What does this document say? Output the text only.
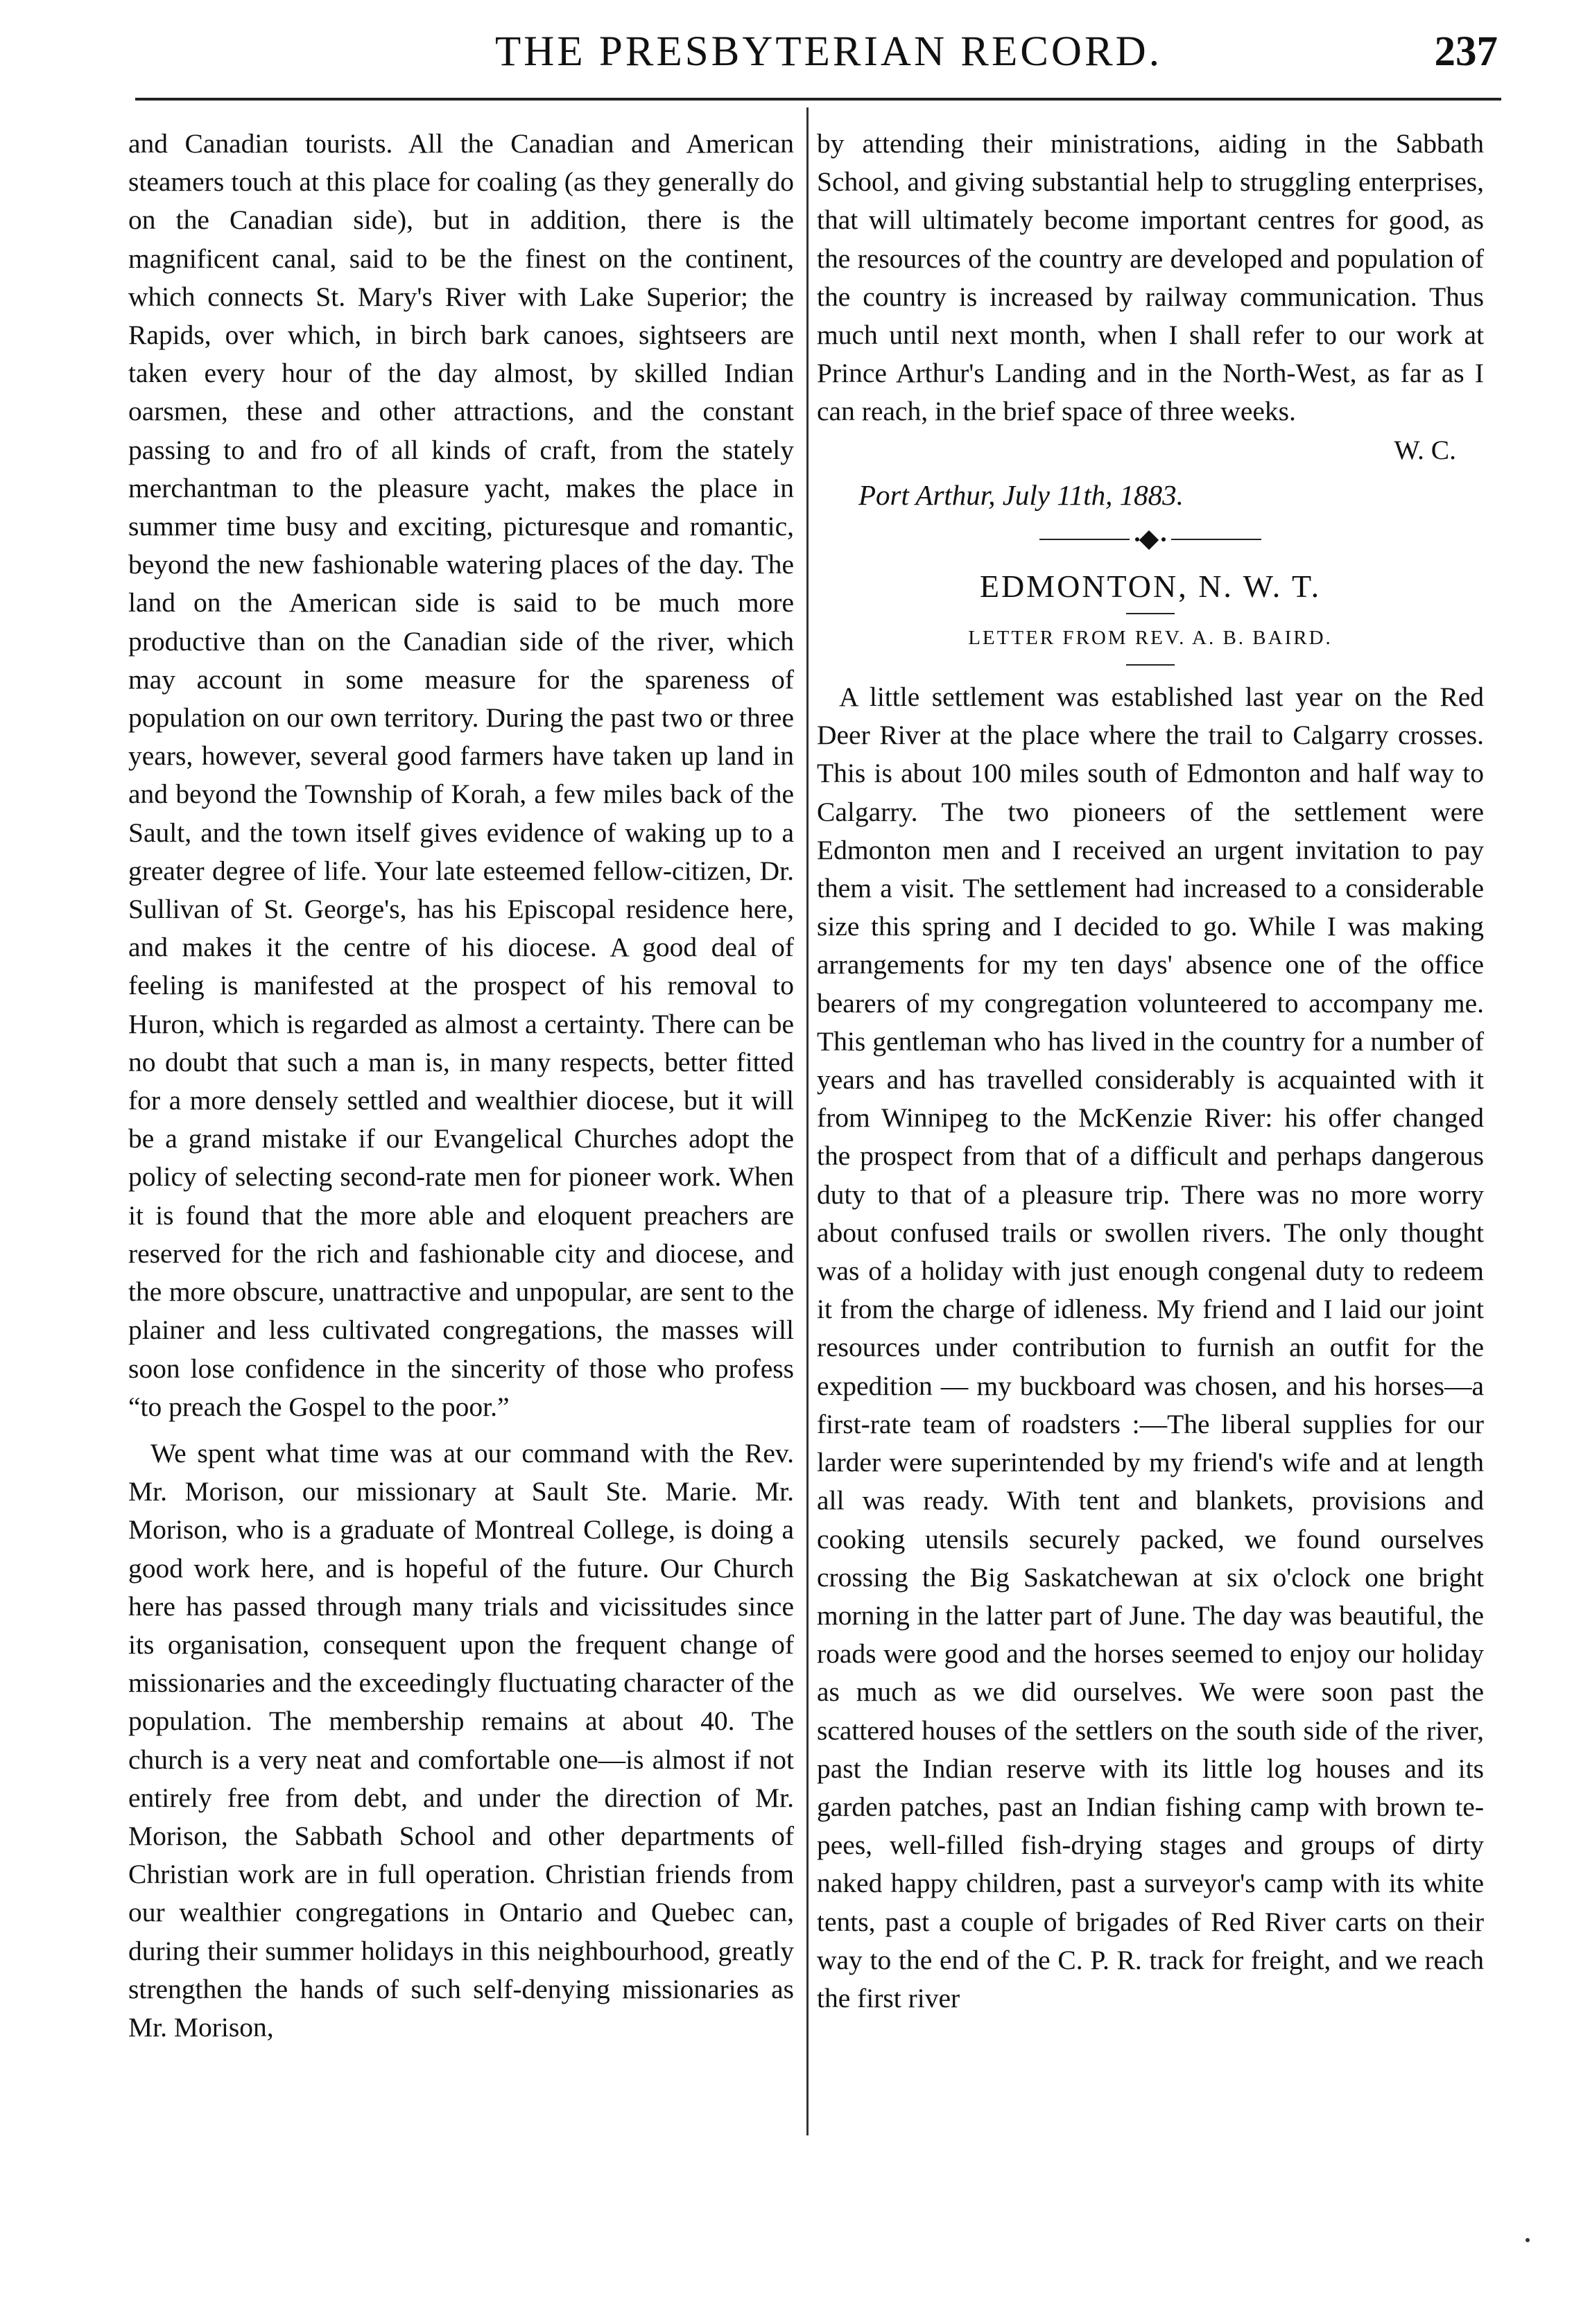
THE PRESBYTERIAN RECORD.	237

and Canadian tourists. All the Canadian and American steamers touch at this place for coaling (as they generally do on the Canadian side), but in addition, there is the magnificent canal, said to be the finest on the continent, which connects St. Mary's River with Lake Superior; the Rapids, over which, in birch bark canoes, sightseers are taken every hour of the day almost, by skilled Indian oarsmen, these and other attractions, and the constant passing to and fro of all kinds of craft, from the stately merchantman to the pleasure yacht, makes the place in summer time busy and exciting, picturesque and romantic, beyond the new fashionable watering places of the day. The land on the American side is said to be much more productive than on the Canadian side of the river, which may account in some measure for the spareness of population on our own territory. During the past two or three years, however, several good farmers have taken up land in and beyond the Township of Korah, a few miles back of the Sault, and the town itself gives evidence of waking up to a greater degree of life. Your late esteemed fellow-citizen, Dr. Sullivan of St. George's, has his Episcopal residence here, and makes it the centre of his diocese. A good deal of feeling is manifested at the prospect of his removal to Huron, which is regarded as almost a certainty. There can be no doubt that such a man is, in many respects, better fitted for a more densely settled and wealthier diocese, but it will be a grand mistake if our Evangelical Churches adopt the policy of selecting second-rate men for pioneer work. When it is found that the more able and eloquent preachers are reserved for the rich and fashionable city and diocese, and the more obscure, unattractive and unpopular, are sent to the plainer and less cultivated congregations, the masses will soon lose confidence in the sincerity of those who profess “to preach the Gospel to the poor.”

We spent what time was at our command with the Rev. Mr. Morison, our missionary at Sault Ste. Marie. Mr. Morison, who is a graduate of Montreal College, is doing a good work here, and is hopeful of the future. Our Church here has passed through many trials and vicissitudes since its organisation, consequent upon the frequent change of missionaries and the exceedingly fluctuating character of the population. The membership remains at about 40. The church is a very neat and comfortable one—is almost if not entirely free from debt, and under the direction of Mr. Morison, the Sabbath School and other departments of Christian work are in full operation. Christian friends from our wealthier congregations in Ontario and Quebec can, during their summer holidays in this neighbourhood, greatly strengthen the hands of such self-denying missionaries as Mr. Morison,

by attending their ministrations, aiding in the Sabbath School, and giving substantial help to struggling enterprises, that will ultimately become important centres for good, as the resources of the country are developed and population of the country is increased by railway communication. Thus much until next month, when I shall refer to our work at Prince Arthur's Landing and in the North-West, as far as I can reach, in the brief space of three weeks.
W. C.

Port Arthur, July 11th, 1883.
EDMONTON, N. W. T.
LETTER FROM REV. A. B. BAIRD.

A little settlement was established last year on the Red Deer River at the place where the trail to Calgarry crosses. This is about 100 miles south of Edmonton and half way to Calgarry. The two pioneers of the settlement were Edmonton men and I received an urgent invitation to pay them a visit. The settlement had increased to a considerable size this spring and I decided to go. While I was making arrangements for my ten days' absence one of the office bearers of my congregation volunteered to accompany me. This gentleman who has lived in the country for a number of years and has travelled considerably is acquainted with it from Winnipeg to the McKenzie River: his offer changed the prospect from that of a difficult and perhaps dangerous duty to that of a pleasure trip. There was no more worry about confused trails or swollen rivers. The only thought was of a holiday with just enough congenal duty to redeem it from the charge of idleness. My friend and I laid our joint resources under contribution to furnish an outfit for the expedition — my buckboard was chosen, and his horses—a first-rate team of roadsters :—The liberal supplies for our larder were superintended by my friend's wife and at length all was ready. With tent and blankets, provisions and cooking utensils securely packed, we found ourselves crossing the Big Saskatchewan at six o'clock one bright morning in the latter part of June. The day was beautiful, the roads were good and the horses seemed to enjoy our holiday as much as we did ourselves. We were soon past the scattered houses of the settlers on the south side of the river, past the Indian reserve with its little log houses and its garden patches, past an Indian fishing camp with brown te-pees, well-filled fish-drying stages and groups of dirty naked happy children, past a surveyor's camp with its white tents, past a couple of brigades of Red River carts on their way to the end of the C. P. R. track for freight, and we reach the first river
